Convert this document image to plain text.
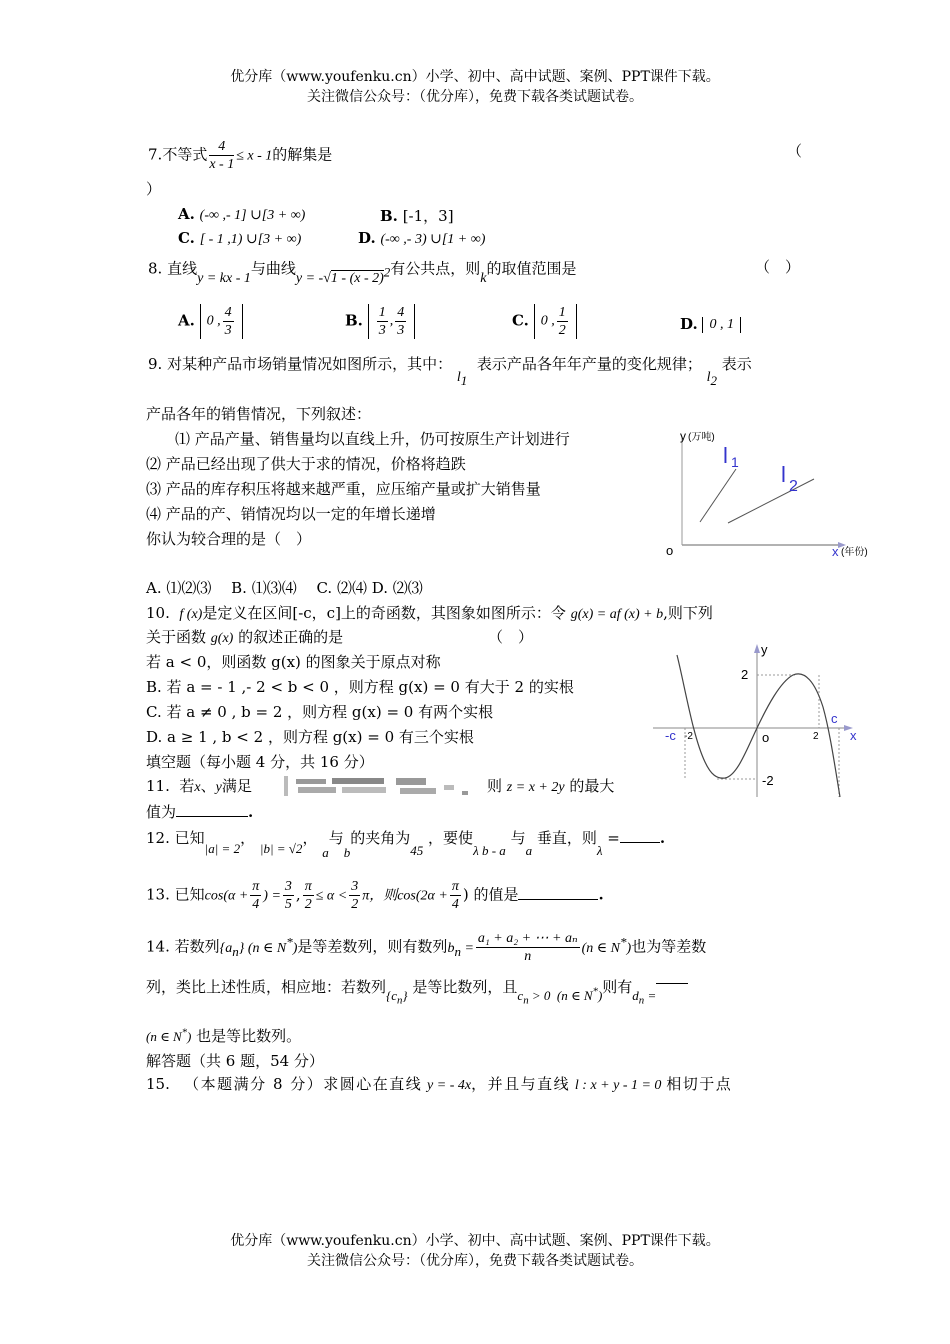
优分库（www.youfenku.cn）小学、初中、高中试题、案例、PPT课件下载。
关注微信公众号：（优分库），免费下载各类试题试卷。
7.不等式 $\frac{4}{x - 1} \le x - 1$的解集是	（
）
A. (-∞ ,- 1] ∪[3 + ∞)	B. [-1，3]
C. [ - 1 ,1) ∪[3 + ∞)	D. (-∞ ,- 3) ∪[1 + ∞)
8. 直线y = kx - 1与曲线y = -√1 - (x - 2)$^2$有公共点，则k的取值范围是	（　）
A. 0 , $\frac{4}{3}$	B. $\frac{1}{3}$ , $\frac{4}{3}$	C. 0 , $\frac{1}{2}$	D. 0 , 1
9. 对某种产品市场销量情况如图所示，其中： $l_1$  表示产品各年年产量的变化规律； $l_2$ 表示
产品各年的销售情况，下列叙述：
⑴ 产品产量、销售量均以直线上升，仍可按原生产计划进行
⑵ 产品已经出现了供大于求的情况，价格将趋跌
⑶ 产品的库存积压将越来越严重，应压缩产量或扩大销售量
⑷ 产品的产、销情况均以一定的年增长递增
你认为较合理的是（　）
A. ⑴⑵⑶　 B. ⑴⑶⑷　 C. ⑵⑷ D. ⑵⑶
y (万吨)
o	x (年份)
l 1 l 2
10. f (x)是定义在区间[-c，c]上的奇函数，其图象如图所示：令 g(x) = af (x) + b,则下列
关于函数 g(x) 的叙述正确的是	（　）
若 a < 0，则函数 g(x) 的图象关于原点对称
B. 若 a = - 1 ,- 2 < b < 0 ，则方程 g(x) = 0 有大于 2 的实根
C. 若 a ≠ 0 , b = 2 ，则方程 g(x) = 0 有两个实根
D. a ≥ 1 , b < 2 ，则方程 g(x) = 0 有三个实根
y
x
o
c
-c -2	2
2
-2
填空题（每小题 4 分，共 16 分）
11. 若x、y满足	则 z = x + 2y 的最大
值为	.
12. 已知|a| = 2， |b| = √2， a与b的夹角为45 ，要使λ b - a 与a 垂直，则λ =	.
13. 已知$\cos(\alpha + \frac{\pi}{4}$ ) = $\frac{3}{5}$ , $\frac{\pi}{2} \le \alpha < \frac{3}{2}$ π，则$\cos(2\alpha + \frac{\pi}{4}$ ) 的值是	.
14. 若数列$\{a_n\}$ (n ∈ N*)是等差数列，则有数列$b_n = \frac{\text{a₁ + a₂ + ⋯ + aₙ}}{n} (n$ ∈ N*)也为等差数
列，类比上述性质，相应地：若数列$\{c_n\}$ 是等比数列，且$c_n > 0$ (n ∈ N*)则有$d_n$ =
(n ∈ N*) 也是等比数列。
解答题（共 6 题，54 分）
15. （本题满分 8 分）求圆心在直线 y = - 4x，并且与直线 l : x + y - 1 = 0 相切于点
优分库（www.youfenku.cn）小学、初中、高中试题、案例、PPT课件下载。
关注微信公众号：（优分库），免费下载各类试题试卷。
